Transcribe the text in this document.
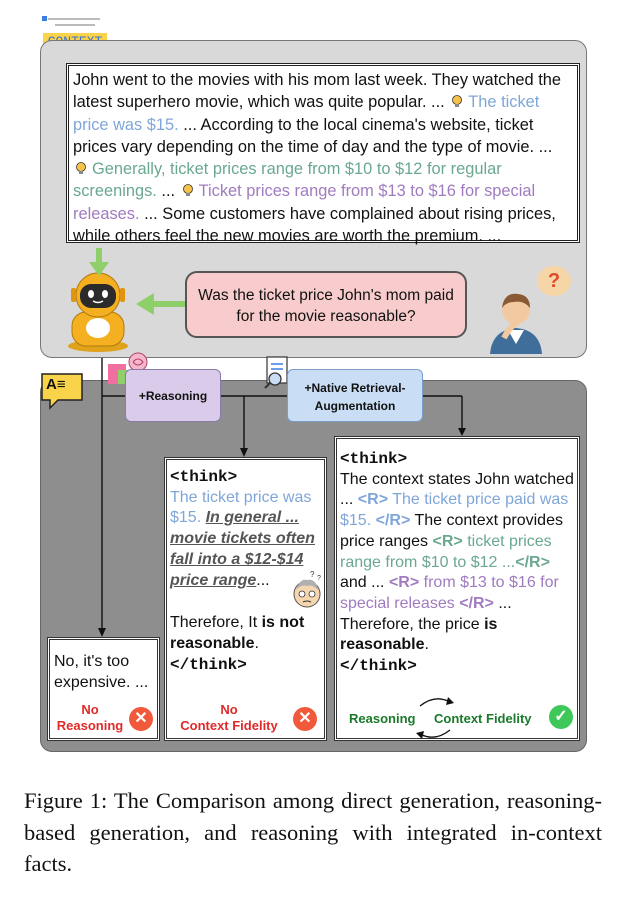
John went to the movies with his mom last week. They watched the latest superhero movie, which was quite popular. ... The ticket price was $15. ... According to the local cinema's website, ticket prices vary depending on the time of day and the type of movie. ... Generally, ticket prices range from $10 to $12 for regular screenings. ... Ticket prices range from $13 to $16 for special releases. ... Some customers have complained about rising prices, while others feel the new movies are worth the premium. ...
Was the ticket price John's mom paid for the movie reasonable?
?
A≡
+Reasoning
+Native Retrieval-
Augmentation
No, it's too expensive. ...
No
Reasoning ✕
<think>
The ticket price was $15. In general ... movie tickets often fall into a $12-$14 price range...
Therefore, It is not reasonable.
</think>
? ?
No
Context Fidelity	✕
<think>
The context states John watched ... <R> The ticket price paid was $15. </R> The context provides price ranges <R> ticket prices range from $10 to $12 ...</R> and ... <R> from $13 to $16 for special releases </R> ...
Therefore, the price is reasonable.
</think>
Reasoning Context Fidelity	✓
Figure 1: The Comparison among direct generation, reasoning-based generation, and reasoning with integrated in-context facts.
